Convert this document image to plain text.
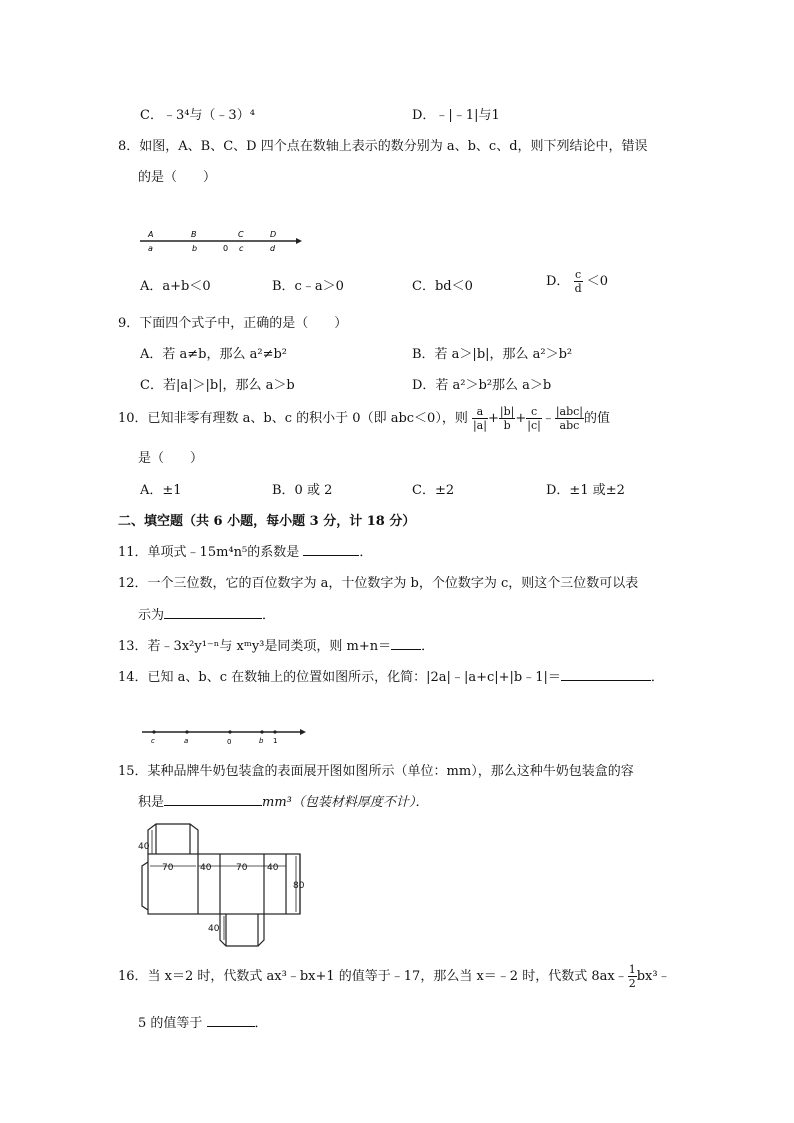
C．﹣3⁴与（﹣3）⁴	D．﹣|﹣1|与1
8．如图，A、B、C、D 四个点在数轴上表示的数分别为 a、b、c、d，则下列结论中，错误
的是（　　）
A	B	C	D
a	b	0 c	d
A．a+b＜0	B．c﹣a＞0	C．bd＜0	D． $\frac{c}{d} <0$
9．下面四个式子中，正确的是（　　）
A．若 a≠b，那么 a²≠b²	B．若 a＞|b|，那么 a²＞b²
C．若|a|＞|b|，那么 a＞b	D．若 a²＞b²那么 a＞b
10．已知非零有理数 a、b、c 的积小于 0（即 abc＜0），则 $\frac{a}{|a|} + \frac{|b|}{b} + \frac{c}{|c|}$ ﹣ $\frac{\text{|abc|}}{\text{abc}}$ 的值
是（　　）
A．±1	B．0 或 2	C．±2	D．±1 或±2
二、填空题（共 6 小题，每小题 3 分，计 18 分）
11．单项式﹣15m⁴n⁵的系数是	．
12．一个三位数，它的百位数字为 a，十位数字为 b，个位数字为 c，则这个三位数可以表
示为	．
13．若﹣3x²y¹⁻ⁿ与 xᵐy³是同类项，则 m+n＝ ．
14．已知 a、b、c 在数轴上的位置如图所示，化简：|2a|﹣|a+c|+|b﹣1|＝	．
c	a	0	b 1
15．某种品牌牛奶包装盒的表面展开图如图所示（单位：mm），那么这种牛奶包装盒的容
积是	mm³（包装材料厚度不计）．
40
70	40	70 40
80
40
16．当 x＝2 时，代数式 ax³﹣bx+1 的值等于﹣17，那么当 x＝﹣2 时，代数式 8ax﹣ $\frac{1}{2}$ bx³﹣
5 的值等于	．
